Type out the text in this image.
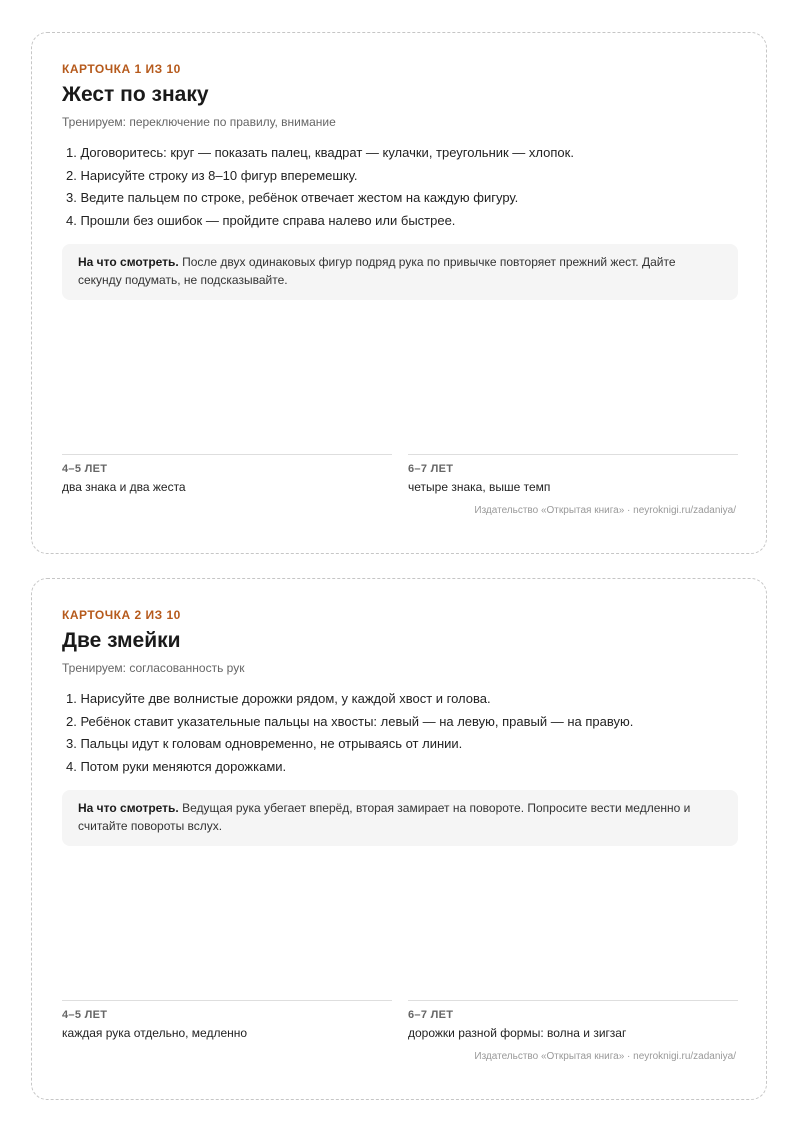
КАРТОЧКА 1 ИЗ 10
Жест по знаку
Тренируем: переключение по правилу, внимание
1. Договоритесь: круг — показать палец, квадрат — кулачки, треугольник — хлопок.
2. Нарисуйте строку из 8–10 фигур вперемешку.
3. Ведите пальцем по строке, ребёнок отвечает жестом на каждую фигуру.
4. Прошли без ошибок — пройдите справа налево или быстрее.
На что смотреть. После двух одинаковых фигур подряд рука по привычке повторяет прежний жест. Дайте секунду подумать, не подсказывайте.
4–5 ЛЕТ
два знака и два жеста
6–7 ЛЕТ
четыре знака, выше темп
Издательство «Открытая книга» · neyroknigi.ru/zadaniya/
КАРТОЧКА 2 ИЗ 10
Две змейки
Тренируем: согласованность рук
1. Нарисуйте две волнистые дорожки рядом, у каждой хвост и голова.
2. Ребёнок ставит указательные пальцы на хвосты: левый — на левую, правый — на правую.
3. Пальцы идут к головам одновременно, не отрываясь от линии.
4. Потом руки меняются дорожками.
На что смотреть. Ведущая рука убегает вперёд, вторая замирает на повороте. Попросите вести медленно и считайте повороты вслух.
4–5 ЛЕТ
каждая рука отдельно, медленно
6–7 ЛЕТ
дорожки разной формы: волна и зигзаг
Издательство «Открытая книга» · neyroknigi.ru/zadaniya/
